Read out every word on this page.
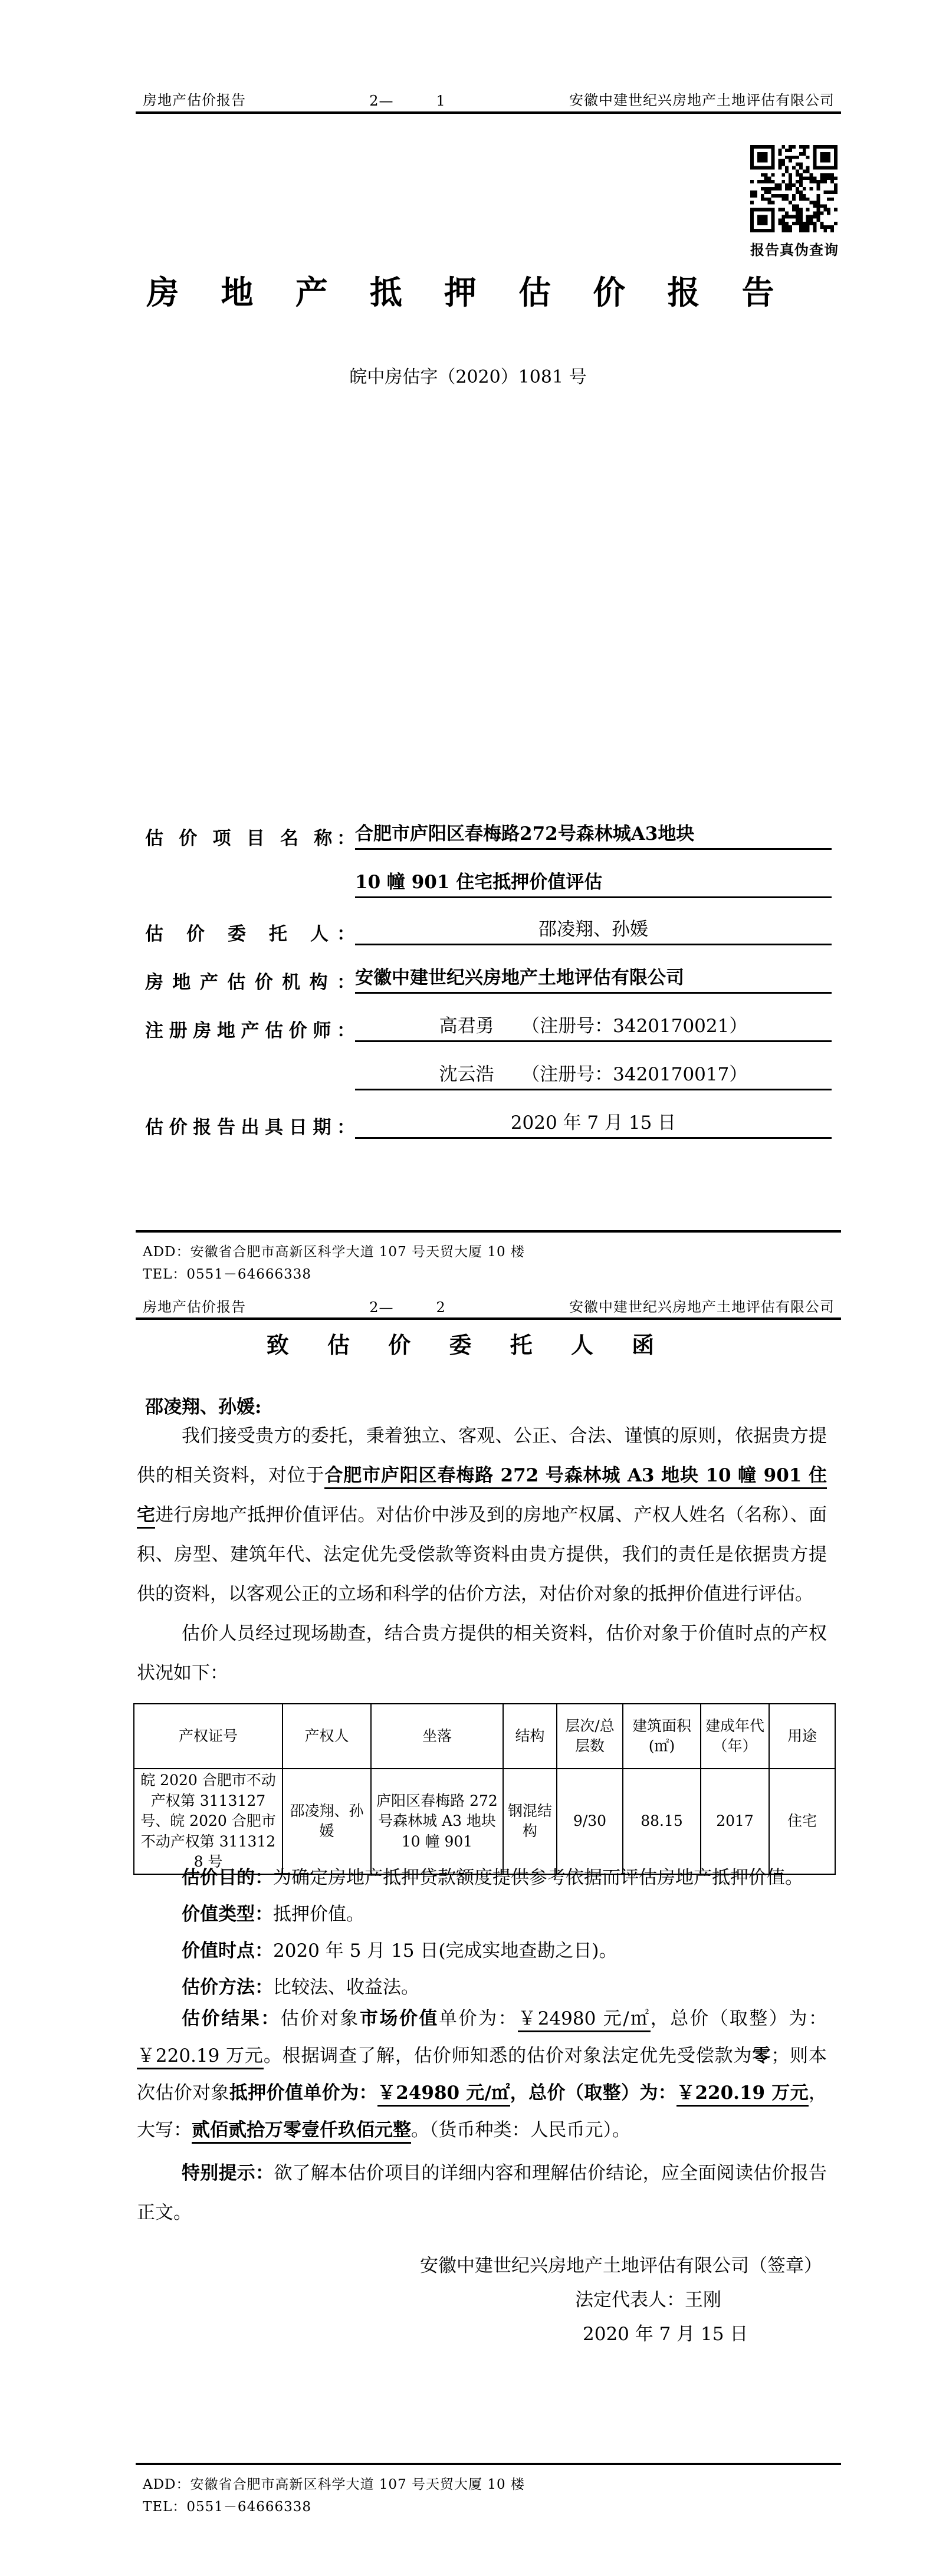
房地产估价报告	2—	1	安徽中建世纪兴房地产土地评估有限公司
报告真伪查询
房 地 产 抵 押 估 价 报 告
皖中房估字（2020）1081 号
估 价 项 目 名 称： 合肥市庐阳区春梅路272号森林城A3地块
10 幢 901 住宅抵押价值评估
估 价 委 托 人：	邵凌翔、孙媛
房地产估价机构： 安徽中建世纪兴房地产土地评估有限公司
注册房地产估价师：	高君勇　　（注册号：3420170021）
沈云浩　　（注册号：3420170017）
估价报告出具日期：	2020 年 7 月 15 日
ADD：安徽省合肥市高新区科学大道 107 号天贸大厦 10 楼
TEL：0551－64666338
房地产估价报告	2—	2	安徽中建世纪兴房地产土地评估有限公司
致 估 价 委 托 人 函
邵凌翔、孙媛:

我们接受贵方的委托，秉着独立、客观、公正、合法、谨慎的原则，依据贵方提供的相关资料，对位于合肥市庐阳区春梅路 272 号森林城 A3 地块 10 幢 901 住宅进行房地产抵押价值评估。对估价中涉及到的房地产权属、产权人姓名（名称）、面积、房型、建筑年代、法定优先受偿款等资料由贵方提供，我们的责任是依据贵方提供的资料，以客观公正的立场和科学的估价方法，对估价对象的抵押价值进行评估。

估价人员经过现场勘查，结合贵方提供的相关资料，估价对象于价值时点的产权状况如下：

产权证号	产权人	坐落	结构	层次/总层数	建筑面积(㎡)	建成年代（年）	用途
皖 2020 合肥市不动产权第 3113127 号、皖 2020 合肥市不动产权第 3113128 号	邵凌翔、孙媛	庐阳区春梅路 272 号森林城 A3 地块 10 幢 901	钢混结构	9/30	88.15	2017	住宅
估价目的：为确定房地产抵押贷款额度提供参考依据而评估房地产抵押价值。
价值类型：抵押价值。
价值时点：2020 年 5 月 15 日(完成实地查勘之日)。
估价方法：比较法、收益法。
估价结果：估价对象市场价值单价为：￥24980 元/㎡，总价（取整）为：￥220.19 万元。根据调查了解，估价师知悉的估价对象法定优先受偿款为零；则本次估价对象抵押价值单价为：￥24980 元/㎡，总价（取整）为：￥220.19 万元，大写：贰佰贰拾万零壹仟玖佰元整。（货币种类：人民币元）。
特别提示：欲了解本估价项目的详细内容和理解估价结论，应全面阅读估价报告正文。
安徽中建世纪兴房地产土地评估有限公司（签章）
法定代表人：王刚
2020 年 7 月 15 日
ADD：安徽省合肥市高新区科学大道 107 号天贸大厦 10 楼
TEL：0551－64666338
